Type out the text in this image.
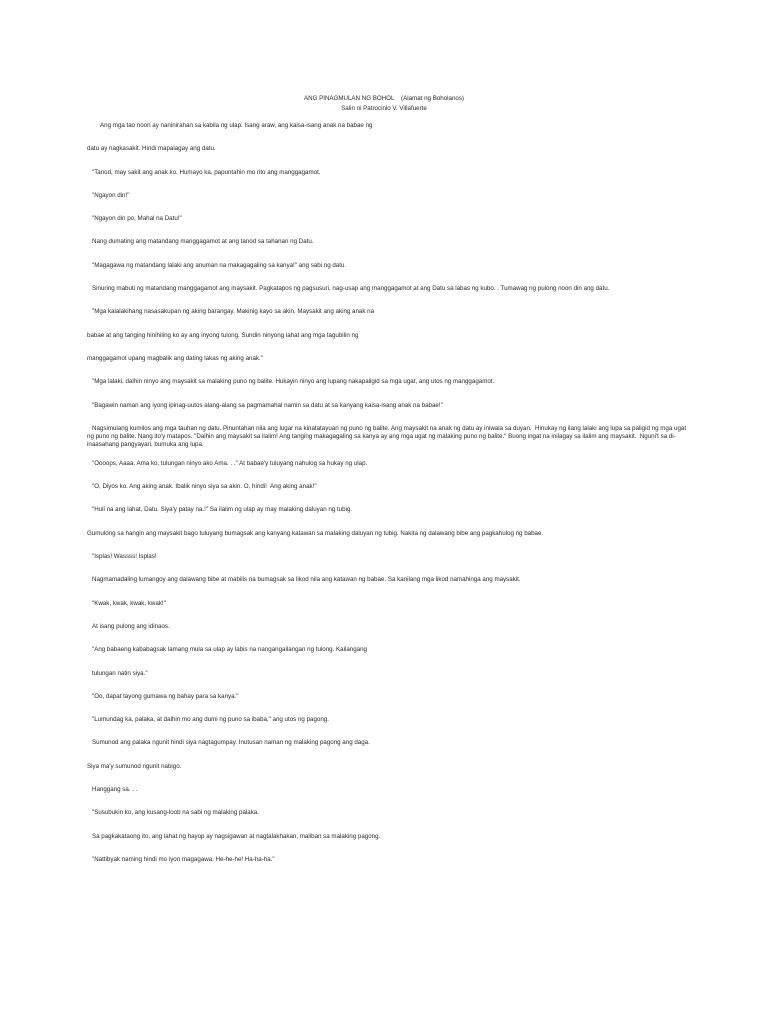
ANG PINAGMULAN NG BOHOL    (Alamat ng Boholanos)
Salin ni Patrocinio V. Villafuerte

Ang mga tao noon ay naninirahan sa kabila ng ulap. Isang araw, ang kaisa-isang anak na babae ng

datu ay nagkasakit. Hindi mapalagay ang datu.

"Tanod, may sakit ang anak ko. Humayo ka, papuntahin mo rito ang manggagamot.

"Ngayon din!"

"Ngayon din po, Mahal na Datu!"

Nang dumating ang matandang manggagamot at ang tanod sa tahanan ng Datu.

"Magagawa ng matandang lalaki ang anuman na makagagaling sa kanya!" ang sabi ng datu.

Sinuring mabuti ng matandang manggagamot ang maysakit. Pagkatapos ng pagsusuri, nag-usap ang manggagamot at ang Datu sa labas ng kubo. . Tumawag ng pulong noon din ang datu.

"Mga kalalakihang nasasakupan ng aking barangay. Makinig kayo sa akin. Maysakit ang aking anak na

babae at ang tanging hinihiling ko ay ang inyong tulong. Sundin ninyong lahat ang mga tagubilin ng

manggagamot upang magbalik ang dating lakas ng aking anak."

"Mga lalaki, dalhin ninyo ang maysakit sa malaking puno ng balite. Hukayin ninyo ang lupang nakapaligid sa mga ugat, ang utos ng manggagamot.

"Bagawin naman ang iyong ipinag-uutos alang-alang sa pagmamahal namin sa datu at sa kanyang kaisa-isang anak na babae!"

Nagsimulang kumilos ang mga tauhan ng datu. Pinuntahan nila ang lugar na kinatatayuan ng puno ng balite. Ang maysakit na anak ng datu ay iniwala sa duyan.  Hinukay ng ilang lalaki ang lupa sa paligid ng mga ugat ng puno ng balite. Nang ito'y matapos. "Dalhin ang maysakit sa ilalim! Ang tanging makagagaling sa kanya ay ang mga ugat ng malaking puno ng balite." Buong ingat na inilagay sa ilalim ang maysakit.  Nguni't sa di-inaasahang pangyayari, bumuka ang lupa.

"Oooops, Aaaa. Ama ko, tulungan ninyo ako Ama. . ." At babae'y tuluyang nahulog sa hukay ng ulap.

"O, Diyos ko. Ang aking anak. Ibalik ninyo siya sa akin. O, hindi!  Ang aking anak!"

"Huli na ang lahat, Datu. Siya'y patay na.!" Sa ilalim ng ulap ay may malaking daluyan ng tubig.

Gumulong sa hangin ang maysakit bago tuluyang bumagsak ang kanyang katawan sa malaking daluyan ng tubig. Nakita ng dalawang bibe ang pagkahulog ng babae.

"Isplas! Wassss! Isplas!

Nagmamadaling lumangoy ang dalawang bibe at mabilis na bumagsak sa likod nila ang katawan ng babae. Sa kanilang mga likod namahinga ang maysakit.

"Kwak, kwak, kwak, kwak!"

At isang pulong ang idinaos.

"Ang babaeng kababagsak lamang mula sa ulap ay labis na nangangailangan ng tulong. Kailangang

tulungan natin siya."

"Oo, dapat tayong gumawa ng bahay para sa kanya."

"Lumundag ka, palaka, at dalhin mo ang dumi ng puno sa ibaba," ang utos ng pagong.

Sumunod ang palaka ngunit hindi siya nagtagumpay. Inutusan naman ng malaking pagong ang daga.

Siya ma'y sumunod ngunit nabigo.

Hanggang sa. . .

"Susubukin ko, ang kusang-loob na sabi ng malaking palaka.

Sa pagkakataong ito, ang lahat ng hayop ay nagsigawan at nagtalakhakan, maliban sa malaking pagong.

"Nattibyak naming hindi mo iyon magagawa. He-he-he! Ha-ha-ha."
